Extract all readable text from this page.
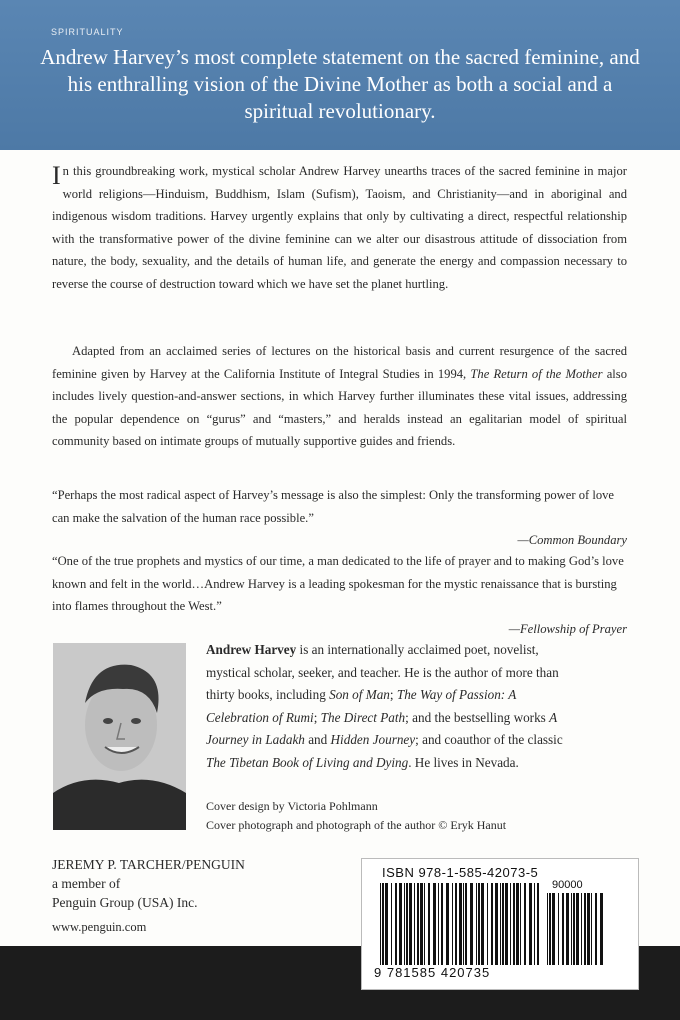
SPIRITUALITY
Andrew Harvey’s most complete statement on the sacred feminine, and his enthralling vision of the Divine Mother as both a social and a spiritual revolutionary.
In this groundbreaking work, mystical scholar Andrew Harvey unearths traces of the sacred feminine in major world religions—Hinduism, Buddhism, Islam (Sufism), Taoism, and Christianity—and in aboriginal and indigenous wisdom traditions. Harvey urgently explains that only by cultivating a direct, respectful relationship with the transformative power of the divine feminine can we alter our disastrous attitude of dissociation from nature, the body, sexuality, and the details of human life, and generate the energy and compassion necessary to reverse the course of destruction toward which we have set the planet hurtling.
Adapted from an acclaimed series of lectures on the historical basis and current resurgence of the sacred feminine given by Harvey at the California Institute of Integral Studies in 1994, The Return of the Mother also includes lively question-and-answer sections, in which Harvey further illuminates these vital issues, addressing the popular dependence on “gurus” and “masters,” and heralds instead an egalitarian model of spiritual community based on intimate groups of mutually supportive guides and friends.
“Perhaps the most radical aspect of Harvey’s message is also the simplest: Only the transforming power of love can make the salvation of the human race possible.”
—Common Boundary
“One of the true prophets and mystics of our time, a man dedicated to the life of prayer and to making God’s love known and felt in the world…Andrew Harvey is a leading spokesman for the mystic renaissance that is bursting into flames throughout the West.”
—Fellowship of Prayer
Andrew Harvey is an internationally acclaimed poet, novelist, mystical scholar, seeker, and teacher. He is the author of more than thirty books, including Son of Man; The Way of Passion: A Celebration of Rumi; The Direct Path; and the bestselling works A Journey in Ladakh and Hidden Journey; and coauthor of the classic The Tibetan Book of Living and Dying. He lives in Nevada.
Cover design by Victoria Pohlmann
Cover photograph and photograph of the author © Eryk Hanut
JEREMY P. TARCHER/PENGUIN
a member of
Penguin Group (USA) Inc.
www.penguin.com
ISBN 978-1-585-42073-5
90000
9 781585 420735
